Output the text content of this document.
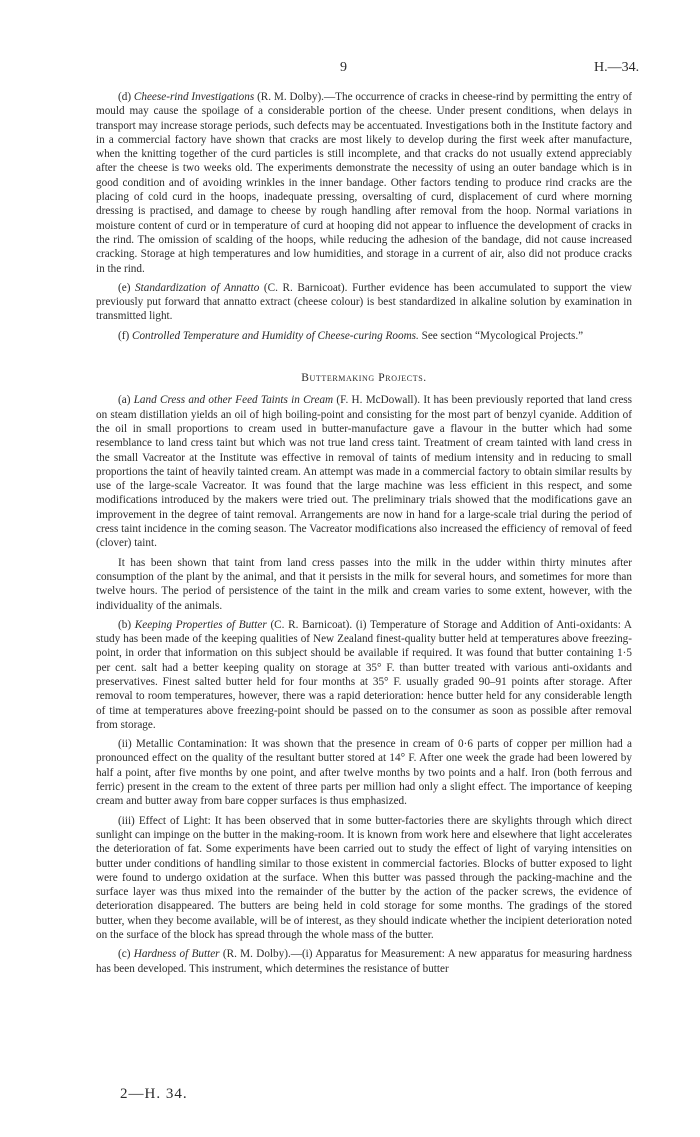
9	H.—34.

(d) Cheese-rind Investigations (R. M. Dolby).—The occurrence of cracks in cheese-rind by permitting the entry of mould may cause the spoilage of a considerable portion of the cheese. Under present conditions, when delays in transport may increase storage periods, such defects may be accentuated. Investigations both in the Institute factory and in a commercial factory have shown that cracks are most likely to develop during the first week after manufacture, when the knitting together of the curd particles is still incomplete, and that cracks do not usually extend appreciably after the cheese is two weeks old. The experiments demonstrate the necessity of using an outer bandage which is in good condition and of avoiding wrinkles in the inner bandage. Other factors tending to produce rind cracks are the placing of cold curd in the hoops, inadequate pressing, oversalting of curd, displacement of curd where morning dressing is practised, and damage to cheese by rough handling after removal from the hoop. Normal variations in moisture content of curd or in temperature of curd at hooping did not appear to influence the development of cracks in the rind. The omission of scalding of the hoops, while reducing the adhesion of the bandage, did not cause increased cracking. Storage at high temperatures and low humidities, and storage in a current of air, also did not produce cracks in the rind.

(e) Standardization of Annatto (C. R. Barnicoat). Further evidence has been accumulated to support the view previously put forward that annatto extract (cheese colour) is best standardized in alkaline solution by examination in transmitted light.

(f) Controlled Temperature and Humidity of Cheese-curing Rooms. See section “Mycological Projects.”

Buttermaking Projects.

(a) Land Cress and other Feed Taints in Cream (F. H. McDowall). It has been previously reported that land cress on steam distillation yields an oil of high boiling-point and consisting for the most part of benzyl cyanide. Addition of the oil in small proportions to cream used in butter-manufacture gave a flavour in the butter which had some resemblance to land cress taint but which was not true land cress taint. Treatment of cream tainted with land cress in the small Vacreator at the Institute was effective in removal of taints of medium intensity and in reducing to small proportions the taint of heavily tainted cream. An attempt was made in a commercial factory to obtain similar results by use of the large-scale Vacreator. It was found that the large machine was less efficient in this respect, and some modifications introduced by the makers were tried out. The preliminary trials showed that the modifications gave an improvement in the degree of taint removal. Arrangements are now in hand for a large-scale trial during the period of cress taint incidence in the coming season. The Vacreator modifications also increased the efficiency of removal of feed (clover) taint.

It has been shown that taint from land cress passes into the milk in the udder within thirty minutes after consumption of the plant by the animal, and that it persists in the milk for several hours, and sometimes for more than twelve hours. The period of persistence of the taint in the milk and cream varies to some extent, however, with the individuality of the animals.

(b) Keeping Properties of Butter (C. R. Barnicoat). (i) Temperature of Storage and Addition of Anti-oxidants: A study has been made of the keeping qualities of New Zealand finest-quality butter held at temperatures above freezing-point, in order that information on this subject should be available if required. It was found that butter containing 1·5 per cent. salt had a better keeping quality on storage at 35° F. than butter treated with various anti-oxidants and preservatives. Finest salted butter held for four months at 35° F. usually graded 90–91 points after storage. After removal to room temperatures, however, there was a rapid deterioration: hence butter held for any considerable length of time at temperatures above freezing-point should be passed on to the consumer as soon as possible after removal from storage.

(ii) Metallic Contamination: It was shown that the presence in cream of 0·6 parts of copper per million had a pronounced effect on the quality of the resultant butter stored at 14° F. After one week the grade had been lowered by half a point, after five months by one point, and after twelve months by two points and a half. Iron (both ferrous and ferric) present in the cream to the extent of three parts per million had only a slight effect. The importance of keeping cream and butter away from bare copper surfaces is thus emphasized.

(iii) Effect of Light: It has been observed that in some butter-factories there are skylights through which direct sunlight can impinge on the butter in the making-room. It is known from work here and elsewhere that light accelerates the deterioration of fat. Some experiments have been carried out to study the effect of light of varying intensities on butter under conditions of handling similar to those existent in commercial factories. Blocks of butter exposed to light were found to undergo oxidation at the surface. When this butter was passed through the packing-machine and the surface layer was thus mixed into the remainder of the butter by the action of the packer screws, the evidence of deterioration disappeared. The butters are being held in cold storage for some months. The gradings of the stored butter, when they become available, will be of interest, as they should indicate whether the incipient deterioration noted on the surface of the block has spread through the whole mass of the butter.

(c) Hardness of Butter (R. M. Dolby).—(i) Apparatus for Measurement: A new apparatus for measuring hardness has been developed. This instrument, which determines the resistance of butter

2—H. 34.
